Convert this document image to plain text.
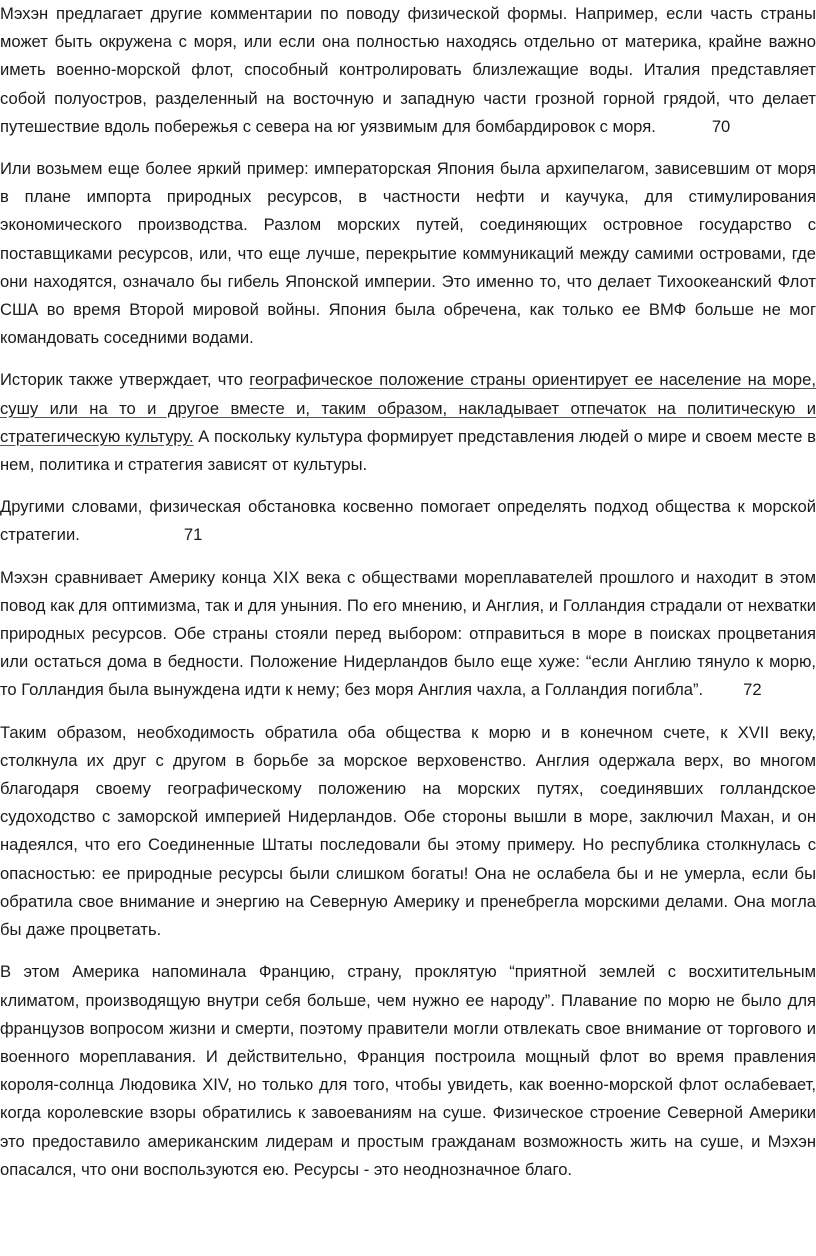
Мэхэн предлагает другие комментарии по поводу физической формы. Например, если часть страны может быть окружена с моря, или если она полностью находясь отдельно от материка, крайне важно иметь военно-морской флот, способный контролировать близлежащие воды. Италия представляет собой полуостров, разделенный на восточную и западную части грозной горной грядой, что делает путешествие вдоль побережья с севера на юг уязвимым для бомбардировок с моря.	70

Или возьмем еще более яркий пример: императорская Япония была архипелагом, зависевшим от моря в плане импорта природных ресурсов, в частности нефти и каучука, для стимулирования экономического производства. Разлом морских путей, соединяющих островное государство с поставщиками ресурсов, или, что еще лучше, перекрытие коммуникаций между самими островами, где они находятся, означало бы гибель Японской империи. Это именно то, что делает Тихоокеанский Флот США во время Второй мировой войны. Япония была обречена, как только ее ВМФ больше не мог командовать соседними водами.

Историк также утверждает, что географическое положение страны ориентирует ее население на море, сушу или на то и другое вместе и, таким образом, накладывает отпечаток на политическую и стратегическую культуру. А поскольку культура формирует представления людей о мире и своем месте в нем, политика и стратегия зависят от культуры.

Другими словами, физическая обстановка косвенно помогает определять подход общества к морской стратегии.	71

Мэхэн сравнивает Америку конца XIX века с обществами мореплавателей прошлого и находит в этом повод как для оптимизма, так и для уныния. По его мнению, и Англия, и Голландия страдали от нехватки природных ресурсов. Обе страны стояли перед выбором: отправиться в море в поисках процветания или остаться дома в бедности. Положение Нидерландов было еще хуже: “если Англию тянуло к морю, то Голландия была вынуждена идти к нему; без моря Англия чахла, а Голландия погибла”. 72

Таким образом, необходимость обратила оба общества к морю и в конечном счете, к XVII веку, столкнула их друг с другом в борьбе за морское верховенство. Англия одержала верх, во многом благодаря своему географическому положению на морских путях, соединявших голландское судоходство с заморской империей Нидерландов. Обе стороны вышли в море, заключил Махан, и он надеялся, что его Соединенные Штаты последовали бы этому примеру. Но республика столкнулась с опасностью: ее природные ресурсы были слишком богаты! Она не ослабела бы и не умерла, если бы обратила свое внимание и энергию на Северную Америку и пренебрегла морскими делами. Она могла бы даже процветать.

В этом Америка напоминала Францию, страну, проклятую “приятной землей с восхитительным климатом, производящую внутри себя больше, чем нужно ее народу”. Плавание по морю не было для французов вопросом жизни и смерти, поэтому правители могли отвлекать свое внимание от торгового и военного мореплавания. И действительно, Франция построила мощный флот во время правления короля-солнца Людовика XIV, но только для того, чтобы увидеть, как военно-морской флот ослабевает, когда королевские взоры обратились к завоеваниям на суше. Физическое строение Северной Америки это предоставило американским лидерам и простым гражданам возможность жить на суше, и Мэхэн опасался, что они воспользуются ею. Ресурсы - это неоднозначное благо.
